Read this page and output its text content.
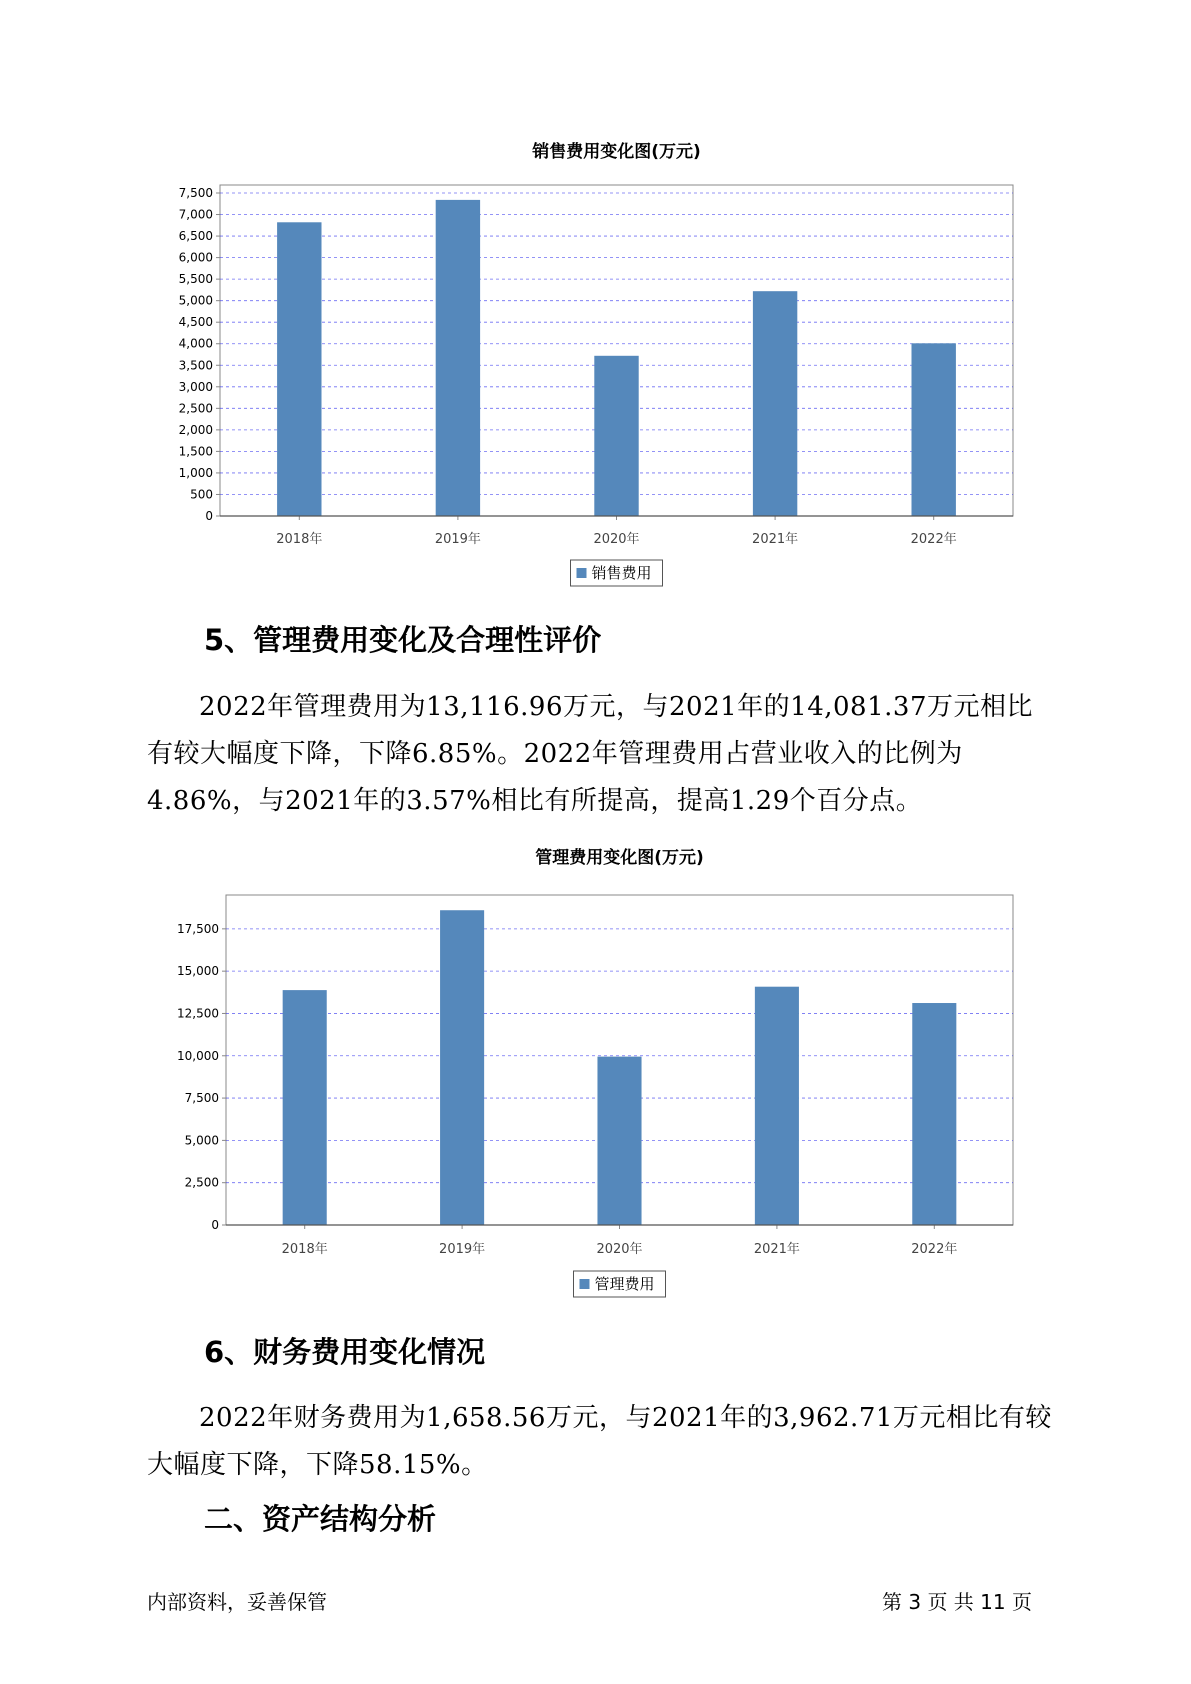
销售费用变化图(万元)
0
500
1,000
1,500
2,000
2,500
3,000
3,500
4,000
4,500
5,000
5,500
6,000
6,500
7,000
7,500
2018年	2019年	2020年	2021年	2022年
销售费用
管理费用变化图(万元)
0
2,500
5,000
7,500
10,000
12,500
15,000
17,500
2018年	2019年	2020年	2021年	2022年
管理费用
5、管理费用变化及合理性评价

2022年管理费用为13,116.96万元，与2021年的14,081.37万元相比有较大幅度下降，下降6.85%。2022年管理费用占营业收入的比例为4.86%，与2021年的3.57%相比有所提高，提高1.29个百分点。

6、财务费用变化情况

2022年财务费用为1,658.56万元，与2021年的3,962.71万元相比有较大幅度下降，下降58.15%。

二、资产结构分析
内部资料，妥善保管	第 3 页 共 11 页
